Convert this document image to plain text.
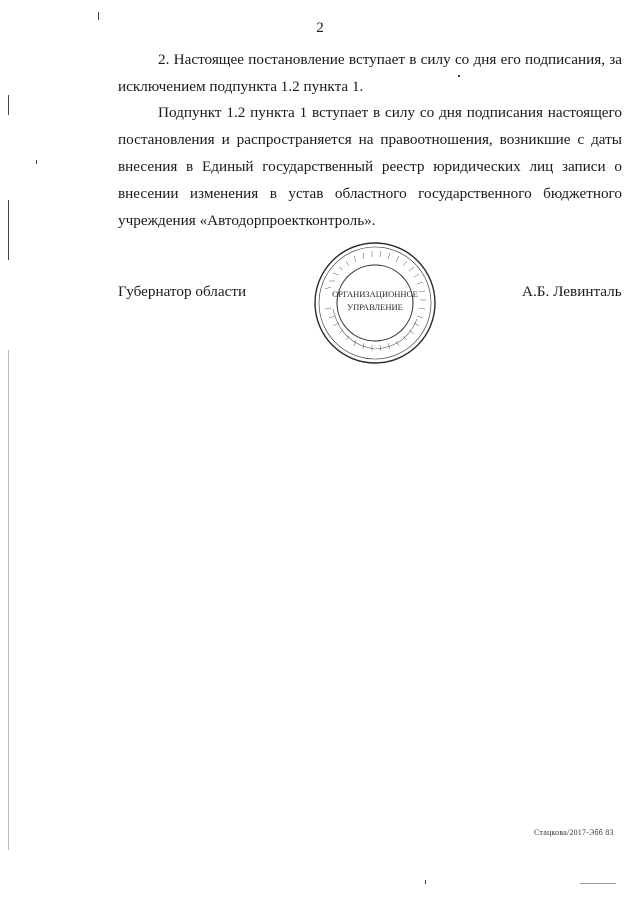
2

2. Настоящее постановление вступает в силу со дня его подписания, за исключением подпункта 1.2 пункта 1.

Подпункт 1.2 пункта 1 вступает в силу со дня подписания настоящего постановления и распространяется на правоотношения, возникшие с даты внесения в Единый государственный реестр юридических лиц записи о внесении изменения в устав областного государственного бюджетного учреждения «Автодорпроектконтроль».

Губернатор области	ОРГАНИЗАЦИОННОЕ
УПРАВЛЕНИЕ
А.Б. Левинталь
Стацкова/2017-Эбб 83
